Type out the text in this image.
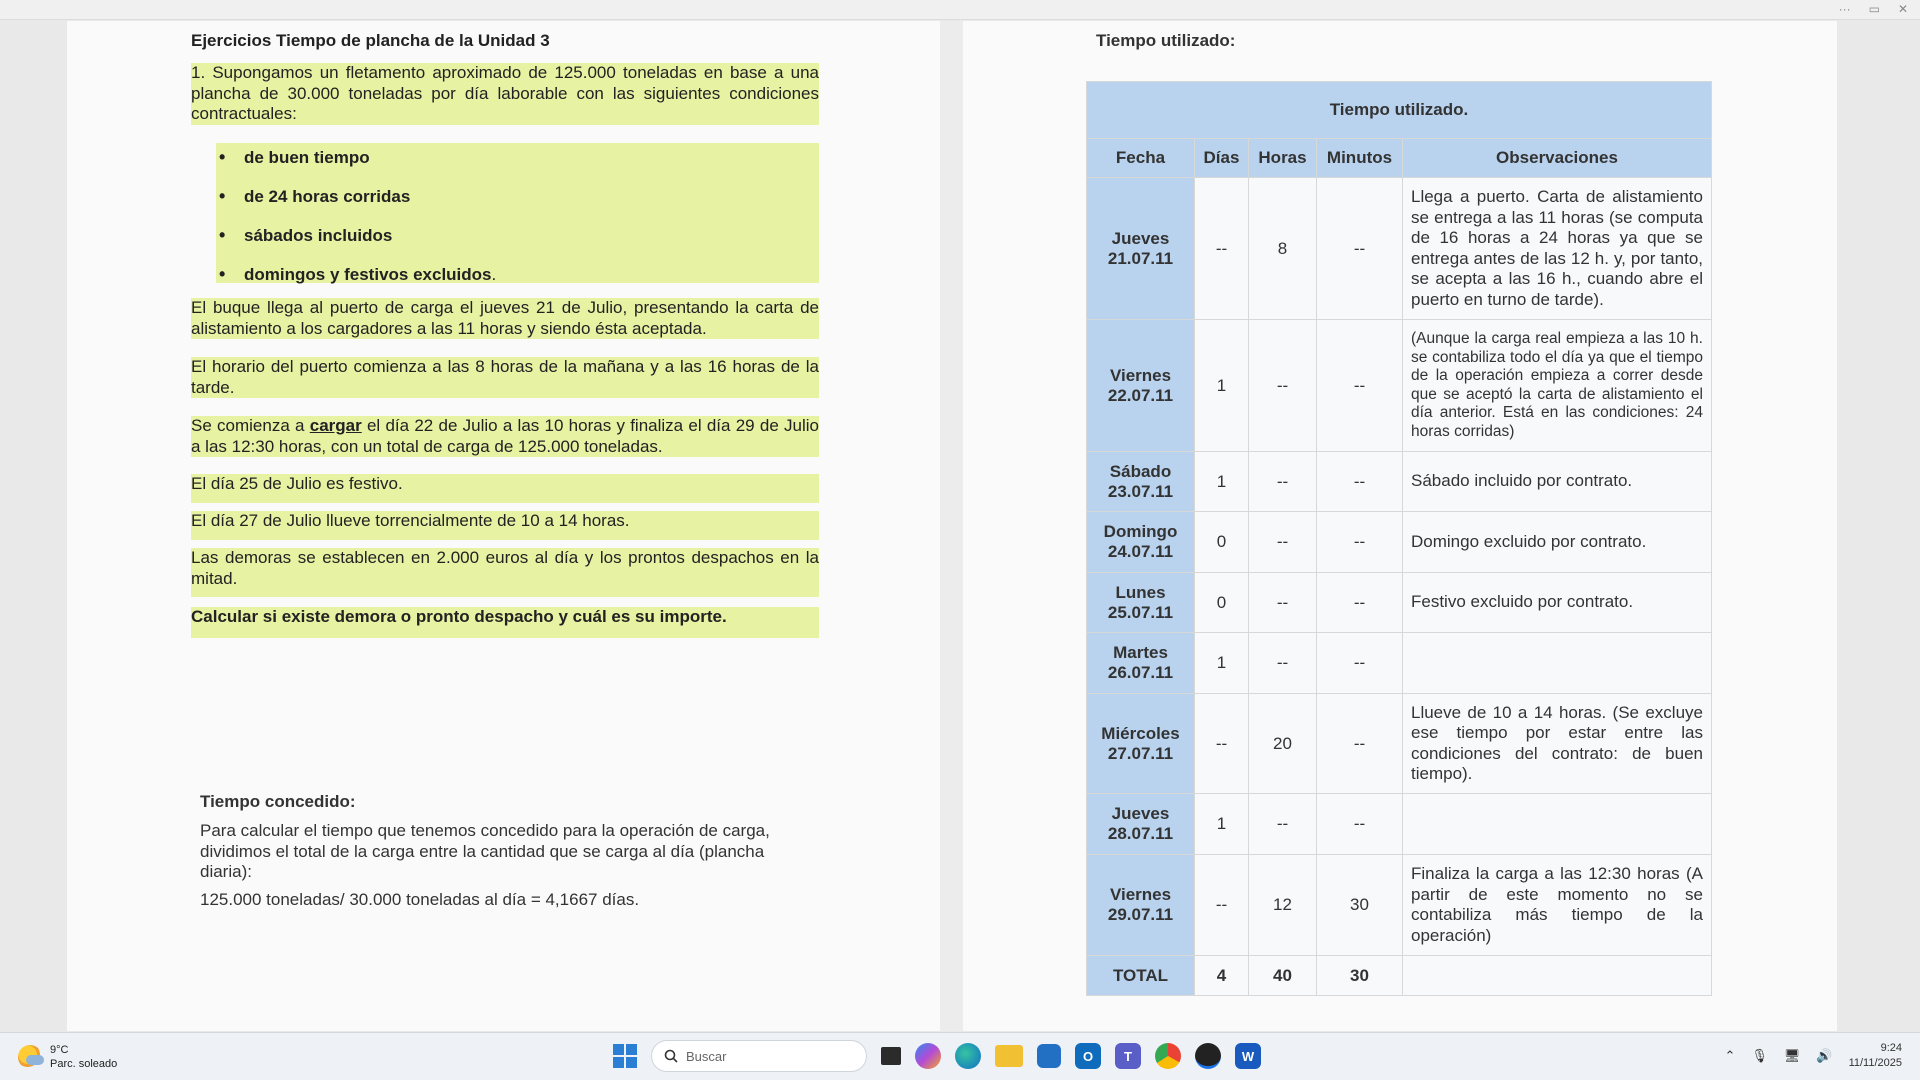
··· ▭ ✕
Ejercicios Tiempo de plancha de la Unidad 3
1. Supongamos un fletamento aproximado de 125.000 toneladas en base a una plancha de 30.000 toneladas por día laborable con las siguientes condiciones contractuales:
• de buen tiempo
• de 24 horas corridas
• sábados incluidos
• domingos y festivos excluidos.
El buque llega al puerto de carga el jueves 21 de Julio, presentando la carta de alistamiento a los cargadores a las 11 horas y siendo ésta aceptada.
El horario del puerto comienza a las 8 horas de la mañana y a las 16 horas de la tarde.
Se comienza a cargar el día 22 de Julio a las 10 horas y finaliza el día 29 de Julio a las 12:30 horas, con un total de carga de 125.000 toneladas.
El día 25 de Julio es festivo.
El día 27 de Julio llueve torrencialmente de 10 a 14 horas.
Las demoras se establecen en 2.000 euros al día y los prontos despachos en la mitad.
Calcular si existe demora o pronto despacho y cuál es su importe.
Tiempo concedido:
Para calcular el tiempo que tenemos concedido para la operación de carga, dividimos el total de la carga entre la cantidad que se carga al día (plancha diaria):
125.000 toneladas/ 30.000 toneladas al día = 4,1667 días.
Tiempo utilizado:
Tiempo utilizado.				
Fecha	Días	Horas	Minutos	Observaciones

Jueves
21.07.11	--	8	--	Llega a puerto. Carta de alistamiento se entrega a las 11 horas (se computa de 16 horas a 24 horas ya que se entrega antes de las 12 h. y, por tanto, se acepta a las 16 h., cuando abre el puerto en turno de tarde).

Viernes
22.07.11	1	--	--	(Aunque la carga real empieza a las 10 h. se contabiliza todo el día ya que el tiempo de la operación empieza a correr desde que se aceptó la carta de alistamiento el día anterior. Está en las condiciones: 24 horas corridas)

Sábado
23.07.11	1	--	--	Sábado incluido por contrato.

Domingo
24.07.11	0	--	--	Domingo excluido por contrato.

Lunes
25.07.11	0	--	--	Festivo excluido por contrato.

Martes
26.07.11	1	--	--	

Miércoles
27.07.11	--	20	--	Llueve de 10 a 14 horas. (Se excluye ese tiempo por estar entre las condiciones del contrato: de buen tiempo).

Jueves
28.07.11	1	--	--	

Viernes
29.07.11	--	12	30	Finaliza la carga a las 12:30 horas (A partir de este momento no se contabiliza más tiempo de la operación)
TOTAL	4	40	30	
9°C
Parc. soleado
Buscar	O	T	W	⌃ 🎙 🖥 🔊	9:24
11/11/2025
